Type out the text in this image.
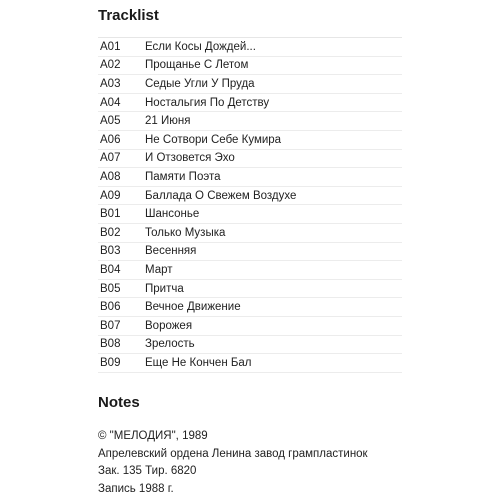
Tracklist
A01	Если Косы Дождей...
A02	Прощанье С Летом
A03	Седые Угли У Пруда
A04	Ностальгия По Детству
A05	21 Июня
A06	Не Сотвори Себе Кумира
A07	И Отзовется Эхо
A08	Памяти Поэта
A09	Баллада О Свежем Воздухе
B01	Шансонье
B02	Только Музыка
B03	Весенняя
B04	Март
B05	Притча
B06	Вечное Движение
B07	Ворожея
B08	Зрелость
B09	Еще Не Кончен Бал
Notes
© "МЕЛОДИЯ", 1989
Апрелевский ордена Ленина завод грампластинок
Зак. 135 Тир. 6820
Запись 1988 г.
